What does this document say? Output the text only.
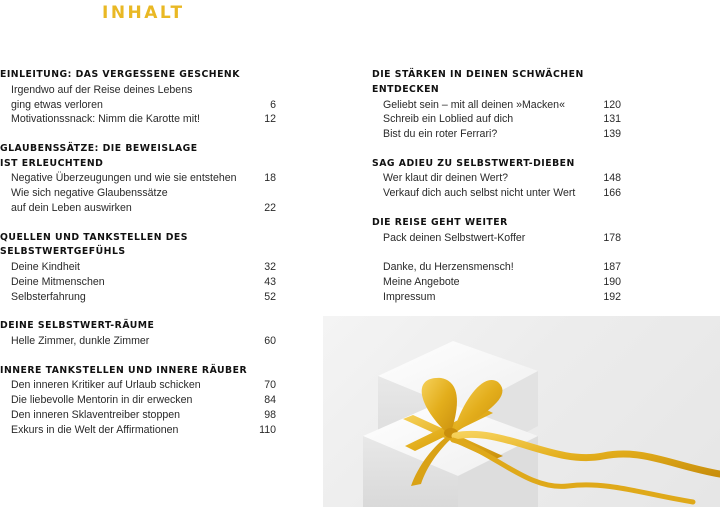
INHALT
EINLEITUNG: DAS VERGESSENE GESCHENK
Irgendwo auf der Reise deines Lebens
ging etwas verloren	6
Motivationssnack: Nimm die Karotte mit!	12
GLAUBENSSÄTZE: DIE BEWEISLAGE
IST ERLEUCHTEND
Negative Überzeugungen und wie sie entstehen	18
Wie sich negative Glaubenssätze
auf dein Leben auswirken	22
QUELLEN UND TANKSTELLEN DES
SELBSTWERTGEFÜHLS
Deine Kindheit	32
Deine Mitmenschen	43
Selbsterfahrung	52
DEINE SELBSTWERT-RÄUME
Helle Zimmer, dunkle Zimmer	60
INNERE TANKSTELLEN UND INNERE RÄUBER
Den inneren Kritiker auf Urlaub schicken	70
Die liebevolle Mentorin in dir erwecken	84
Den inneren Sklaventreiber stoppen	98
Exkurs in die Welt der Affirmationen	110
DIE STÄRKEN IN DEINEN SCHWÄCHEN ENTDECKEN
Geliebt sein – mit all deinen »Macken«	120
Schreib ein Loblied auf dich	131
Bist du ein roter Ferrari?	139
SAG ADIEU ZU SELBSTWERT-DIEBEN
Wer klaut dir deinen Wert?	148
Verkauf dich auch selbst nicht unter Wert	166
DIE REISE GEHT WEITER
Pack deinen Selbstwert-Koffer	178
Danke, du Herzensmensch!	187
Meine Angebote	190
Impressum	192
